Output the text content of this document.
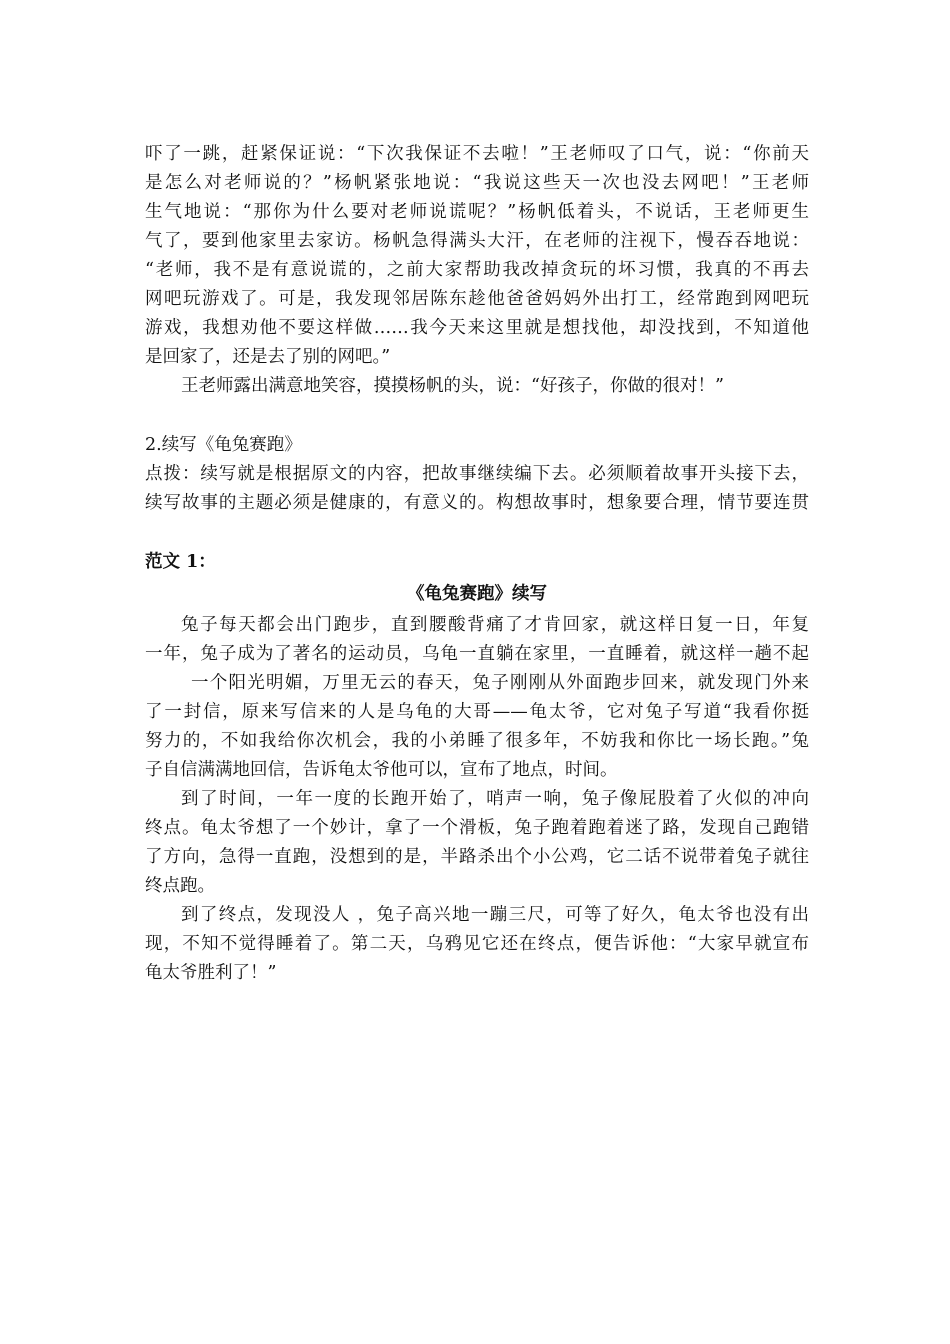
吓了一跳，赶紧保证说：“下次我保证不去啦！”王老师叹了口气，说：“你前天
是怎么对老师说的？”杨帆紧张地说：“我说这些天一次也没去网吧！”王老师
生气地说：“那你为什么要对老师说谎呢？”杨帆低着头，不说话，王老师更生
气了，要到他家里去家访。杨帆急得满头大汗，在老师的注视下，慢吞吞地说：
“老师，我不是有意说谎的，之前大家帮助我改掉贪玩的坏习惯，我真的不再去
网吧玩游戏了。可是，我发现邻居陈东趁他爸爸妈妈外出打工，经常跑到网吧玩
游戏，我想劝他不要这样做……我今天来这里就是想找他，却没找到，不知道他
是回家了，还是去了别的网吧。”
王老师露出满意地笑容，摸摸杨帆的头，说：“好孩子，你做的很对！”
2.续写《龟兔赛跑》
点拨：续写就是根据原文的内容，把故事继续编下去。必须顺着故事开头接下去，
续写故事的主题必须是健康的，有意义的。构想故事时，想象要合理，情节要连贯
范文 1：
《龟兔赛跑》续写
兔子每天都会出门跑步，直到腰酸背痛了才肯回家，就这样日复一日，年复
一年，兔子成为了著名的运动员，乌龟一直躺在家里，一直睡着，就这样一趟不起
一个阳光明媚，万里无云的春天，兔子刚刚从外面跑步回来，就发现门外来
了一封信，原来写信来的人是乌龟的大哥——龟太爷，它对兔子写道“我看你挺
努力的，不如我给你次机会，我的小弟睡了很多年，不妨我和你比一场长跑。”兔
子自信满满地回信，告诉龟太爷他可以，宣布了地点，时间。
到了时间，一年一度的长跑开始了，哨声一响，兔子像屁股着了火似的冲向
终点。龟太爷想了一个妙计，拿了一个滑板，兔子跑着跑着迷了路，发现自己跑错
了方向，急得一直跑，没想到的是，半路杀出个小公鸡，它二话不说带着兔子就往
终点跑。
到了终点，发现没人 ，兔子高兴地一蹦三尺，可等了好久，龟太爷也没有出
现，不知不觉得睡着了。第二天，乌鸦见它还在终点，便告诉他：“大家早就宣布
龟太爷胜利了！”
